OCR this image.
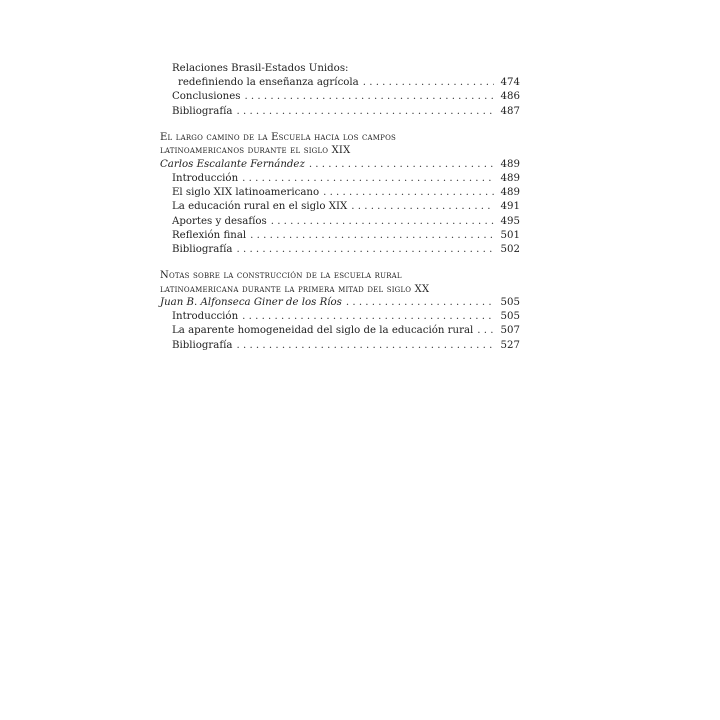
Relaciones Brasil-Estados Unidos:
redefiniendo la enseñanza agrícola . . .	474
Conclusiones . . .	486
Bibliografía . . .	487
El largo camino de la Escuela hacia los campos
latinoamericanos durante el siglo XIX
Carlos Escalante Fernández . . .	489
Introducción . . .	489
El siglo XIX latinoamericano . . .	489
La educación rural en el siglo XIX . . .	491
Aportes y desafíos . . .	495
Reflexión final . . .	501
Bibliografía . . .	502
Notas sobre la construcción de la escuela rural
latinoamericana durante la primera mitad del siglo XX
Juan B. Alfonseca Giner de los Ríos . . .	505
Introducción . . .	505
La aparente homogeneidad del siglo de la educación rural . . .	507
Bibliografía . . .	527
